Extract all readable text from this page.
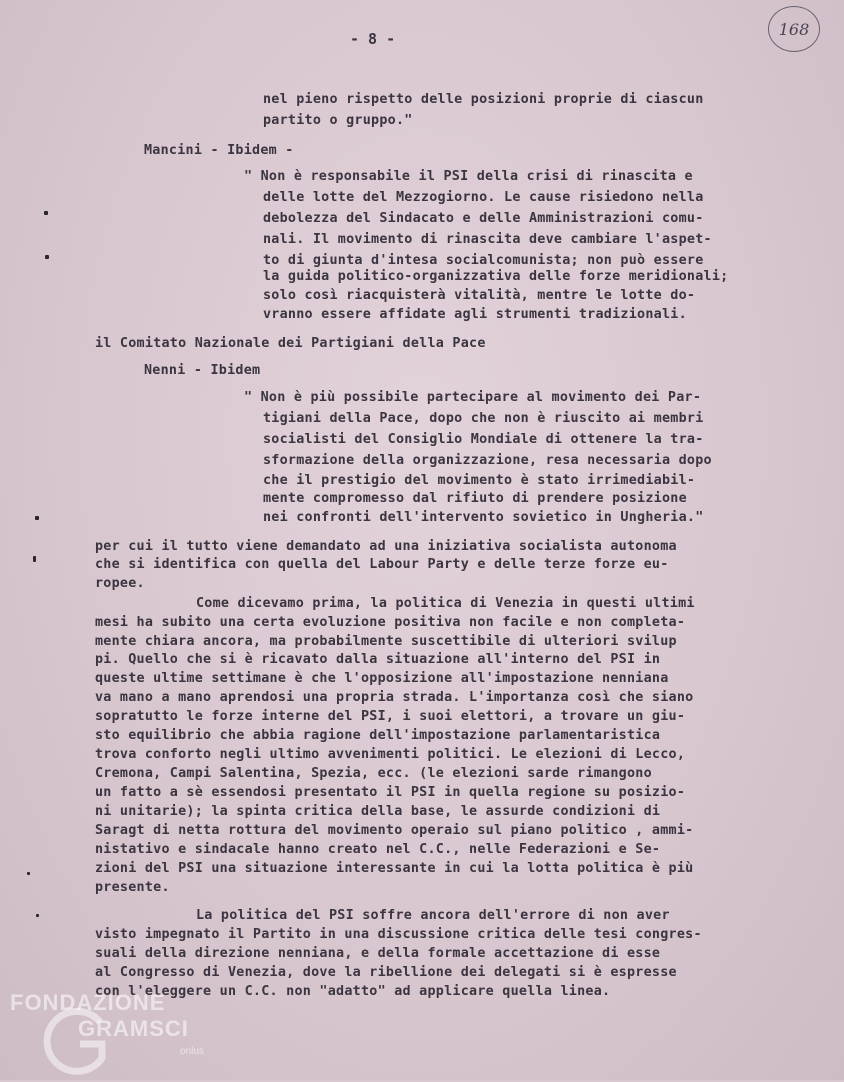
- 8 -
168
nel pieno rispetto delle posizioni proprie di ciascun
partito o gruppo."
Mancini - Ibidem -
" Non è responsabile il PSI della crisi di rinascita e
delle lotte del Mezzogiorno. Le cause risiedono nella
debolezza del Sindacato e delle Amministrazioni comu-
nali. Il movimento di rinascita deve cambiare l'aspet-
to di giunta d'intesa socialcomunista; non può essere
la guida politico-organizzativa delle forze meridionali;
solo così riacquisterà vitalità, mentre le lotte do-
vranno essere affidate agli strumenti tradizionali.
il Comitato Nazionale dei Partigiani della Pace
Nenni - Ibidem
" Non è più possibile partecipare al movimento dei Par-
tigiani della Pace, dopo che non è riuscito ai membri
socialisti del Consiglio Mondiale di ottenere la tra-
sformazione della organizzazione, resa necessaria dopo
che il prestigio del movimento è stato irrimediabil-
mente compromesso dal rifiuto di prendere posizione
nei confronti dell'intervento sovietico in Ungheria."
per cui il tutto viene demandato ad una iniziativa socialista autonoma
che si identifica con quella del Labour Party e delle terze forze eu-
ropee.
Come dicevamo prima, la politica di Venezia in questi ultimi
mesi ha subito una certa evoluzione positiva non facile e non completa-
mente chiara ancora, ma probabilmente suscettibile di ulteriori svilup
pi. Quello che si è ricavato dalla situazione all'interno del PSI in
queste ultime settimane è che l'opposizione all'impostazione nenniana
va mano a mano aprendosi una propria strada. L'importanza così che siano
sopratutto le forze interne del PSI, i suoi elettori, a trovare un giu-
sto equilibrio che abbia ragione dell'impostazione parlamentaristica
trova conforto negli ultimo avvenimenti politici. Le elezioni di Lecco,
Cremona, Campi Salentina, Spezia, ecc. (le elezioni sarde rimangono
un fatto a sè essendosi presentato il PSI in quella regione su posizio-
ni unitarie); la spinta critica della base, le assurde condizioni di
Saragt di netta rottura del movimento operaio sul piano politico , ammi-
nistativo e sindacale hanno creato nel C.C., nelle Federazioni e Se-
zioni del PSI una situazione interessante in cui la lotta politica è più
presente.
La politica del PSI soffre ancora dell'errore di non aver
visto impegnato il Partito in una discussione critica delle tesi congres-
suali della direzione nenniana, e della formale accettazione di esse
al Congresso di Venezia, dove la ribellione dei delegati si è espresse
con l'eleggere un C.C. non "adatto" ad applicare quella linea.
FONDAZIONE
GRAMSCI
onlus
